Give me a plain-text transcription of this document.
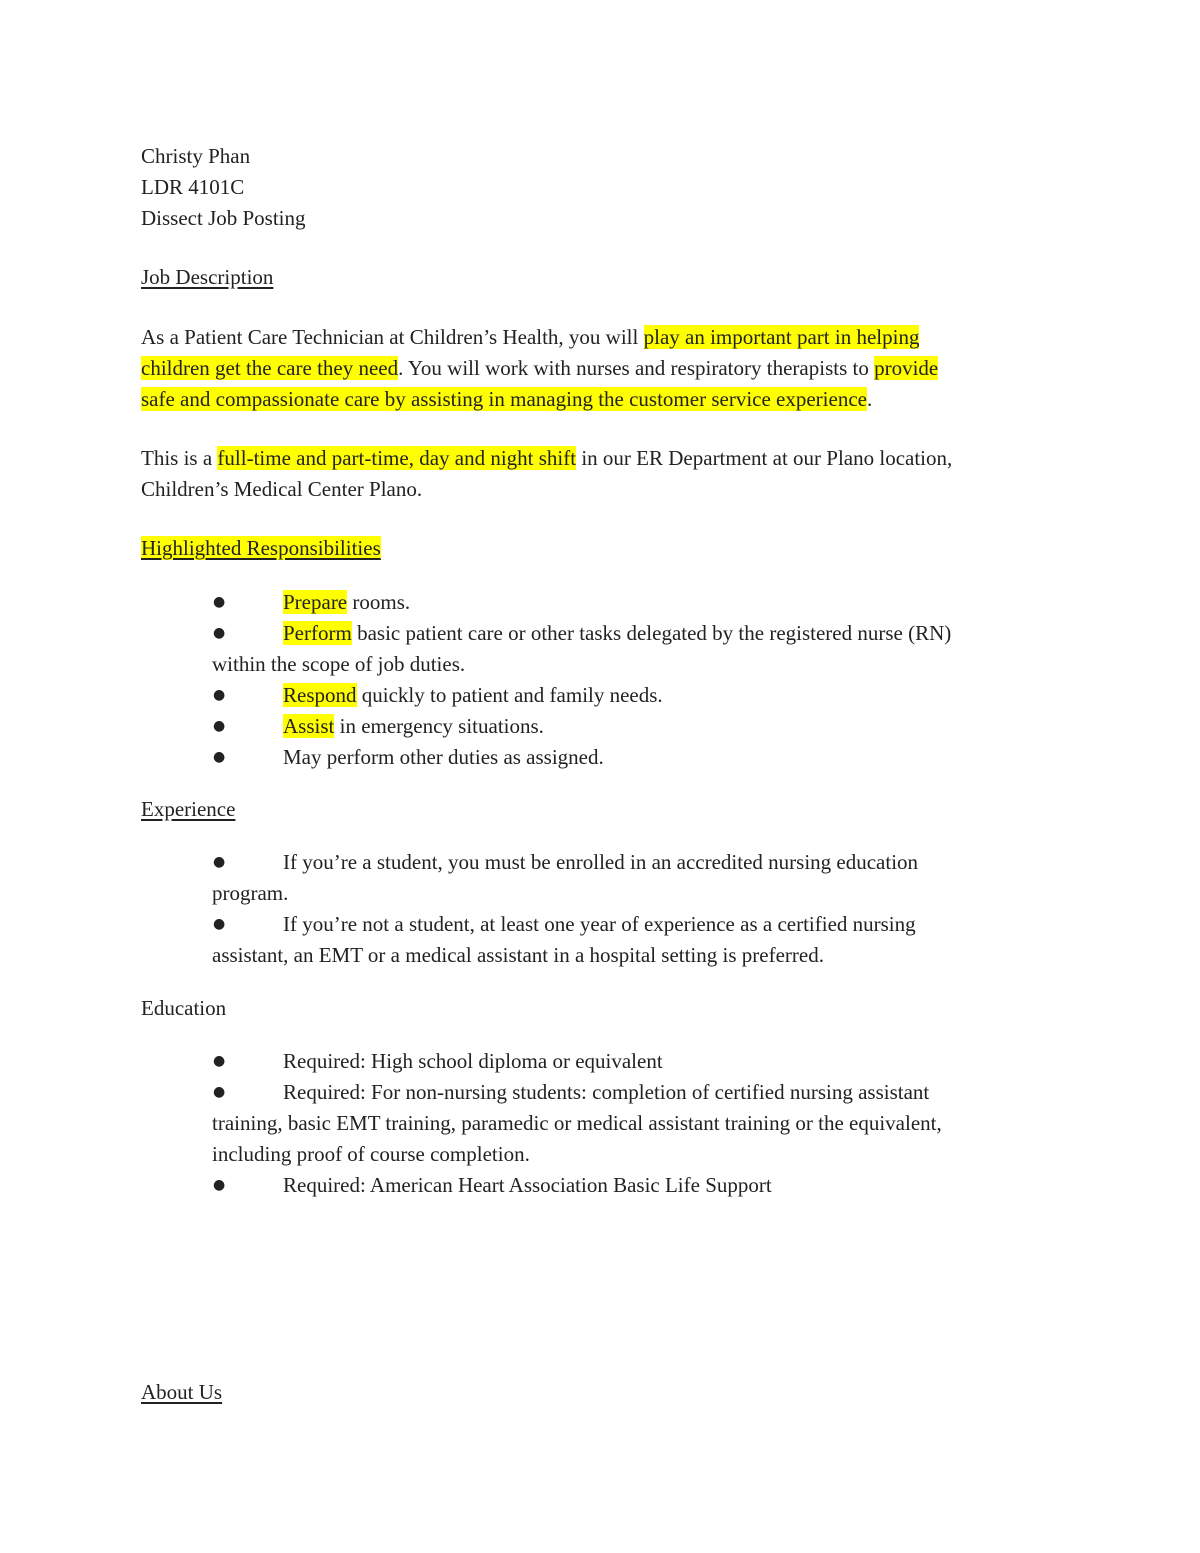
Christy Phan

LDR 4101C

Dissect Job Posting

Job Description

As a Patient Care Technician at Children’s Health, you will play an important part in helping

children get the care they need. You will work with nurses and respiratory therapists to provide

safe and compassionate care by assisting in managing the customer service experience.

This is a full-time and part-time, day and night shift in our ER Department at our Plano location,

Children’s Medical Center Plano.

Highlighted Responsibilities

●	Prepare rooms.
●	Perform basic patient care or other tasks delegated by the registered nurse (RN)
within the scope of job duties.
●	Respond quickly to patient and family needs.
●	Assist in emergency situations.
●	May perform other duties as assigned.

Experience

●	If you’re a student, you must be enrolled in an accredited nursing education
program.
●	If you’re not a student, at least one year of experience as a certified nursing
assistant, an EMT or a medical assistant in a hospital setting is preferred.

Education

●	Required: High school diploma or equivalent
●	Required: For non-nursing students: completion of certified nursing assistant
training, basic EMT training, paramedic or medical assistant training or the equivalent,
including proof of course completion.
●	Required: American Heart Association Basic Life Support

About Us
